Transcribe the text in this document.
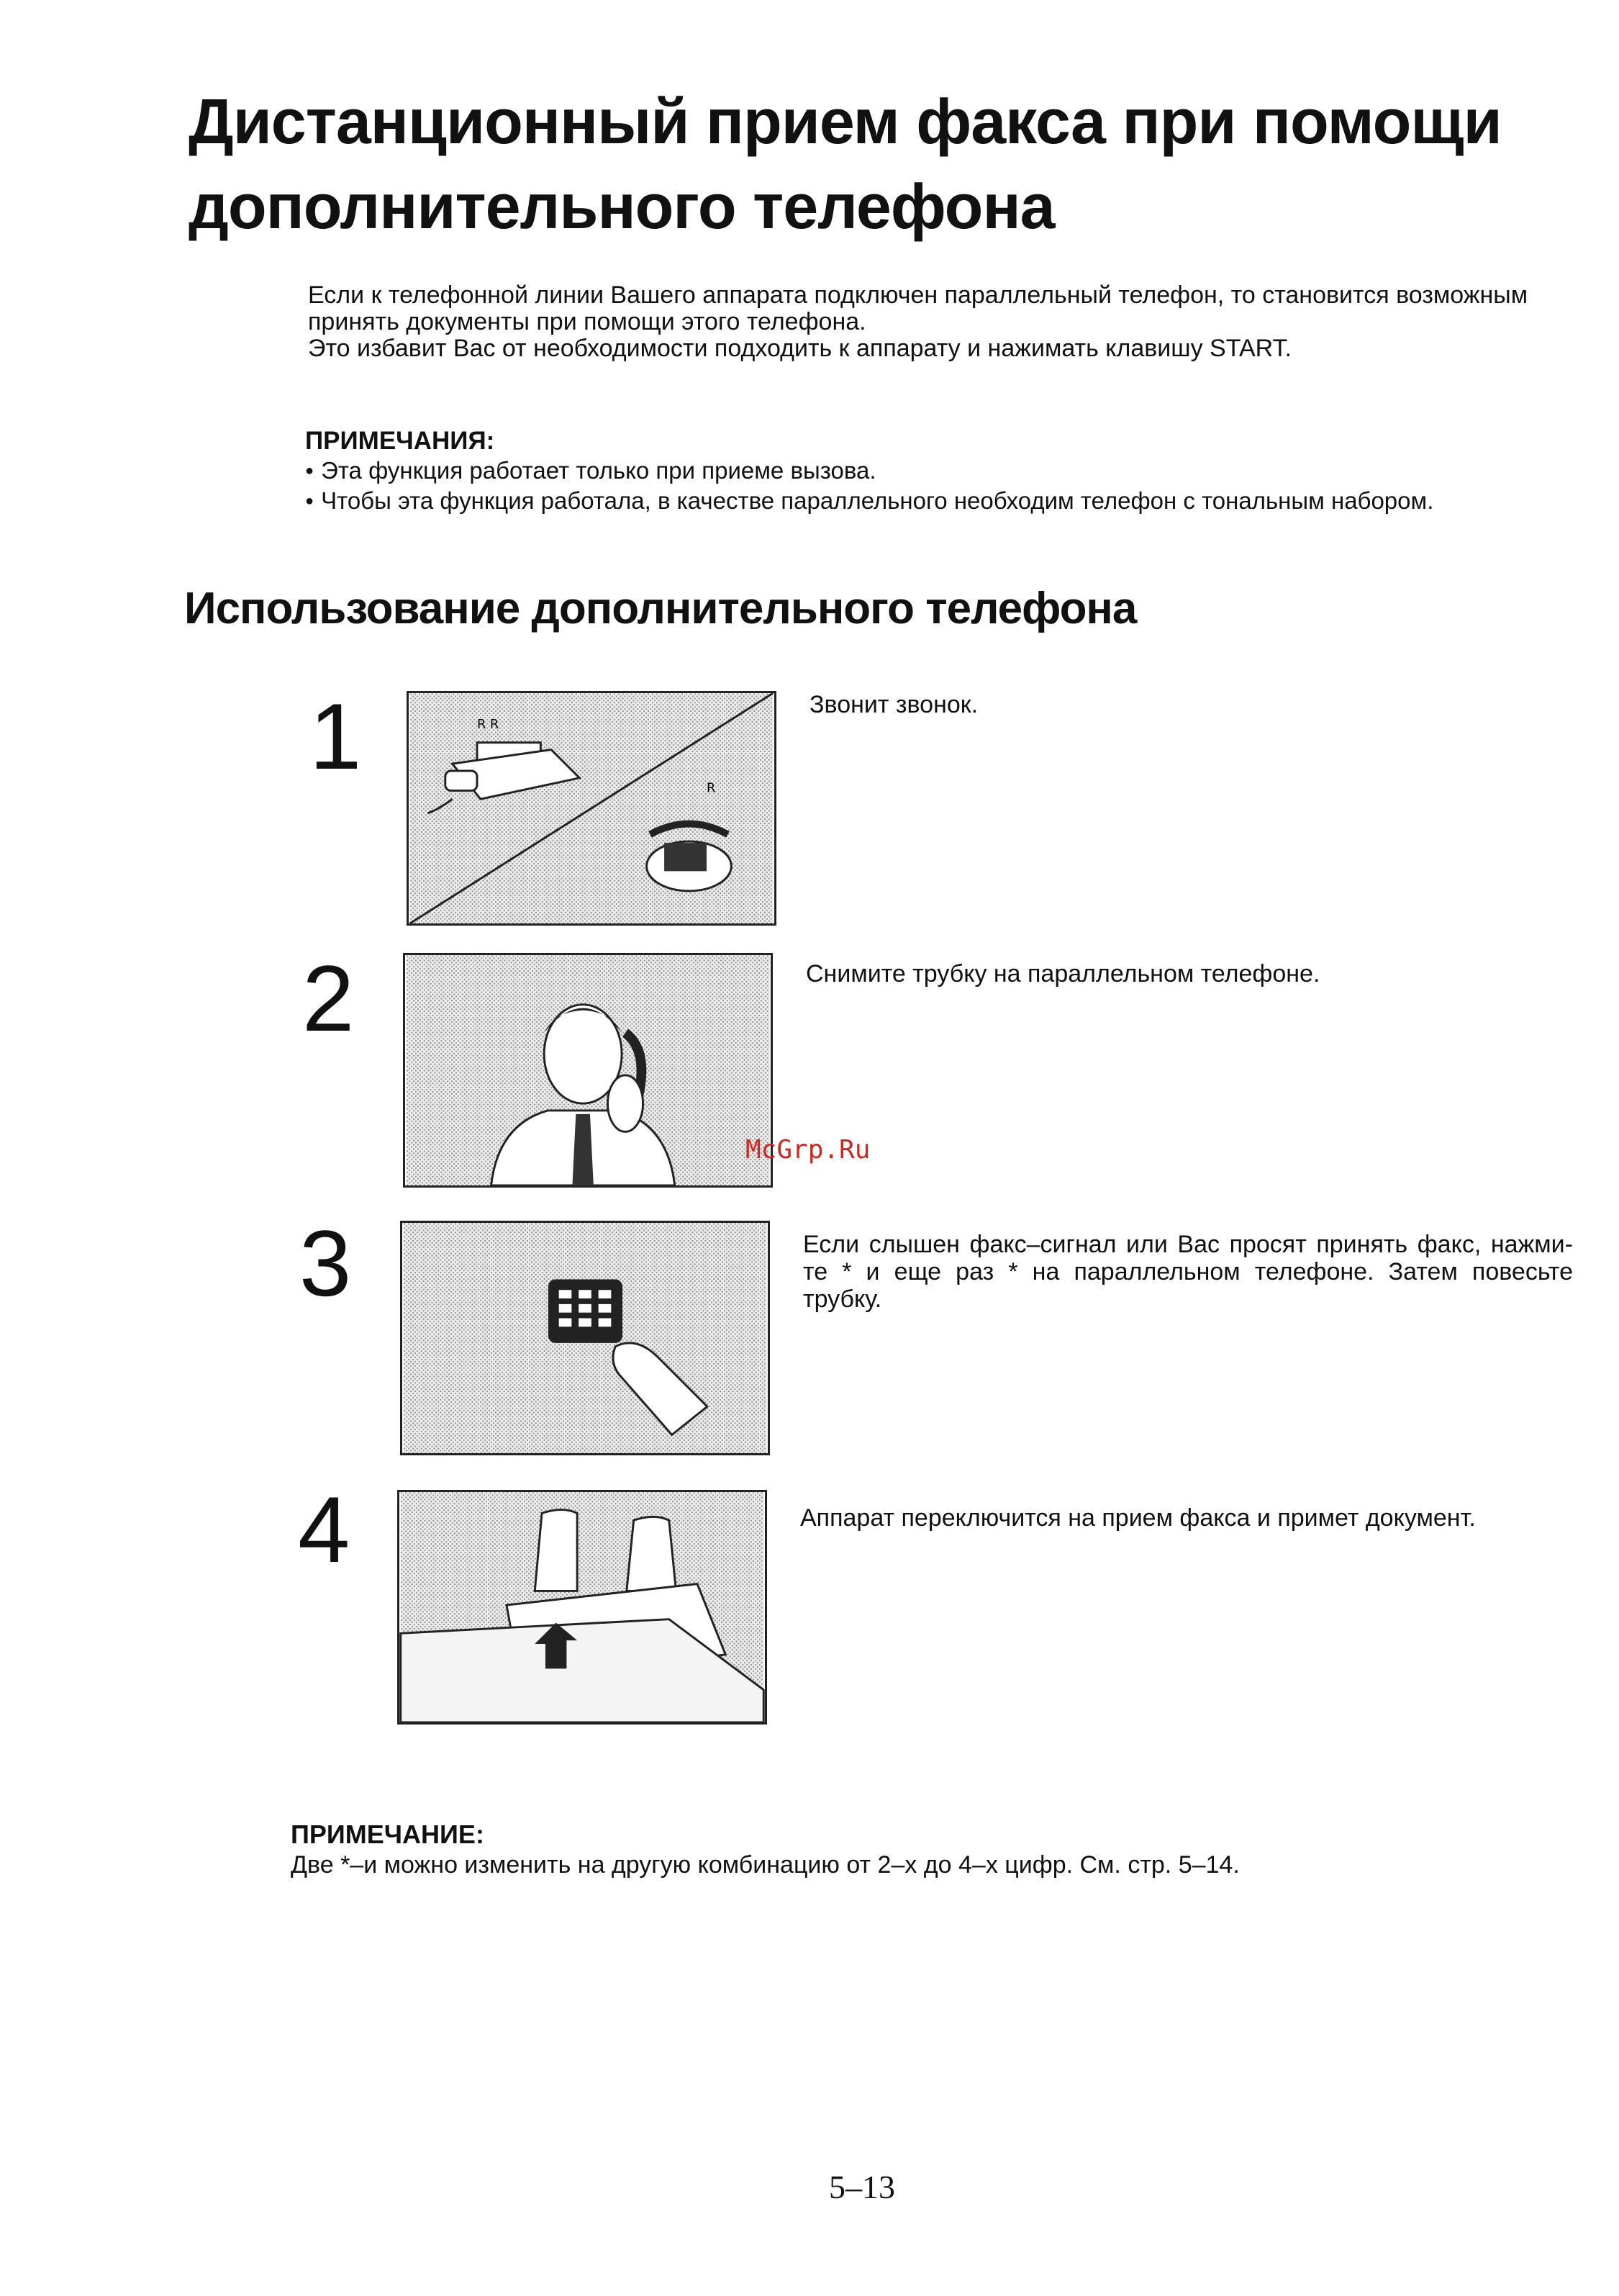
Дистанционный прием факса при помощи
дополнительного телефона

Если к телефонной линии Вашего аппарата подключен параллельный телефон, то становится возможным

принять документы при помощи этого телефона.

Это избавит Вас от необходимости подходить к аппарату и нажимать клавишу START.

ПРИМЕЧАНИЯ:
● Эта функция работает только при приеме вызова.
● Чтобы эта функция работала, в качестве параллельного необходим телефон с тональным набором.
Использование дополнительного телефона
1	R R
R
Звонит звонок.
2	Снимите трубку на параллельном телефоне.
3	Если слышен факс–сигнал или Вас просят принять факс, нажми-те * и еще раз * на параллельном телефоне. Затем повесьте трубку.
4	Аппарат переключится на прием факса и примет документ.
McGrp.Ru
ПРИМЕЧАНИЕ:
Две *–и можно изменить на другую комбинацию от 2–х до 4–х цифр. См. стр. 5–14.
5–13
